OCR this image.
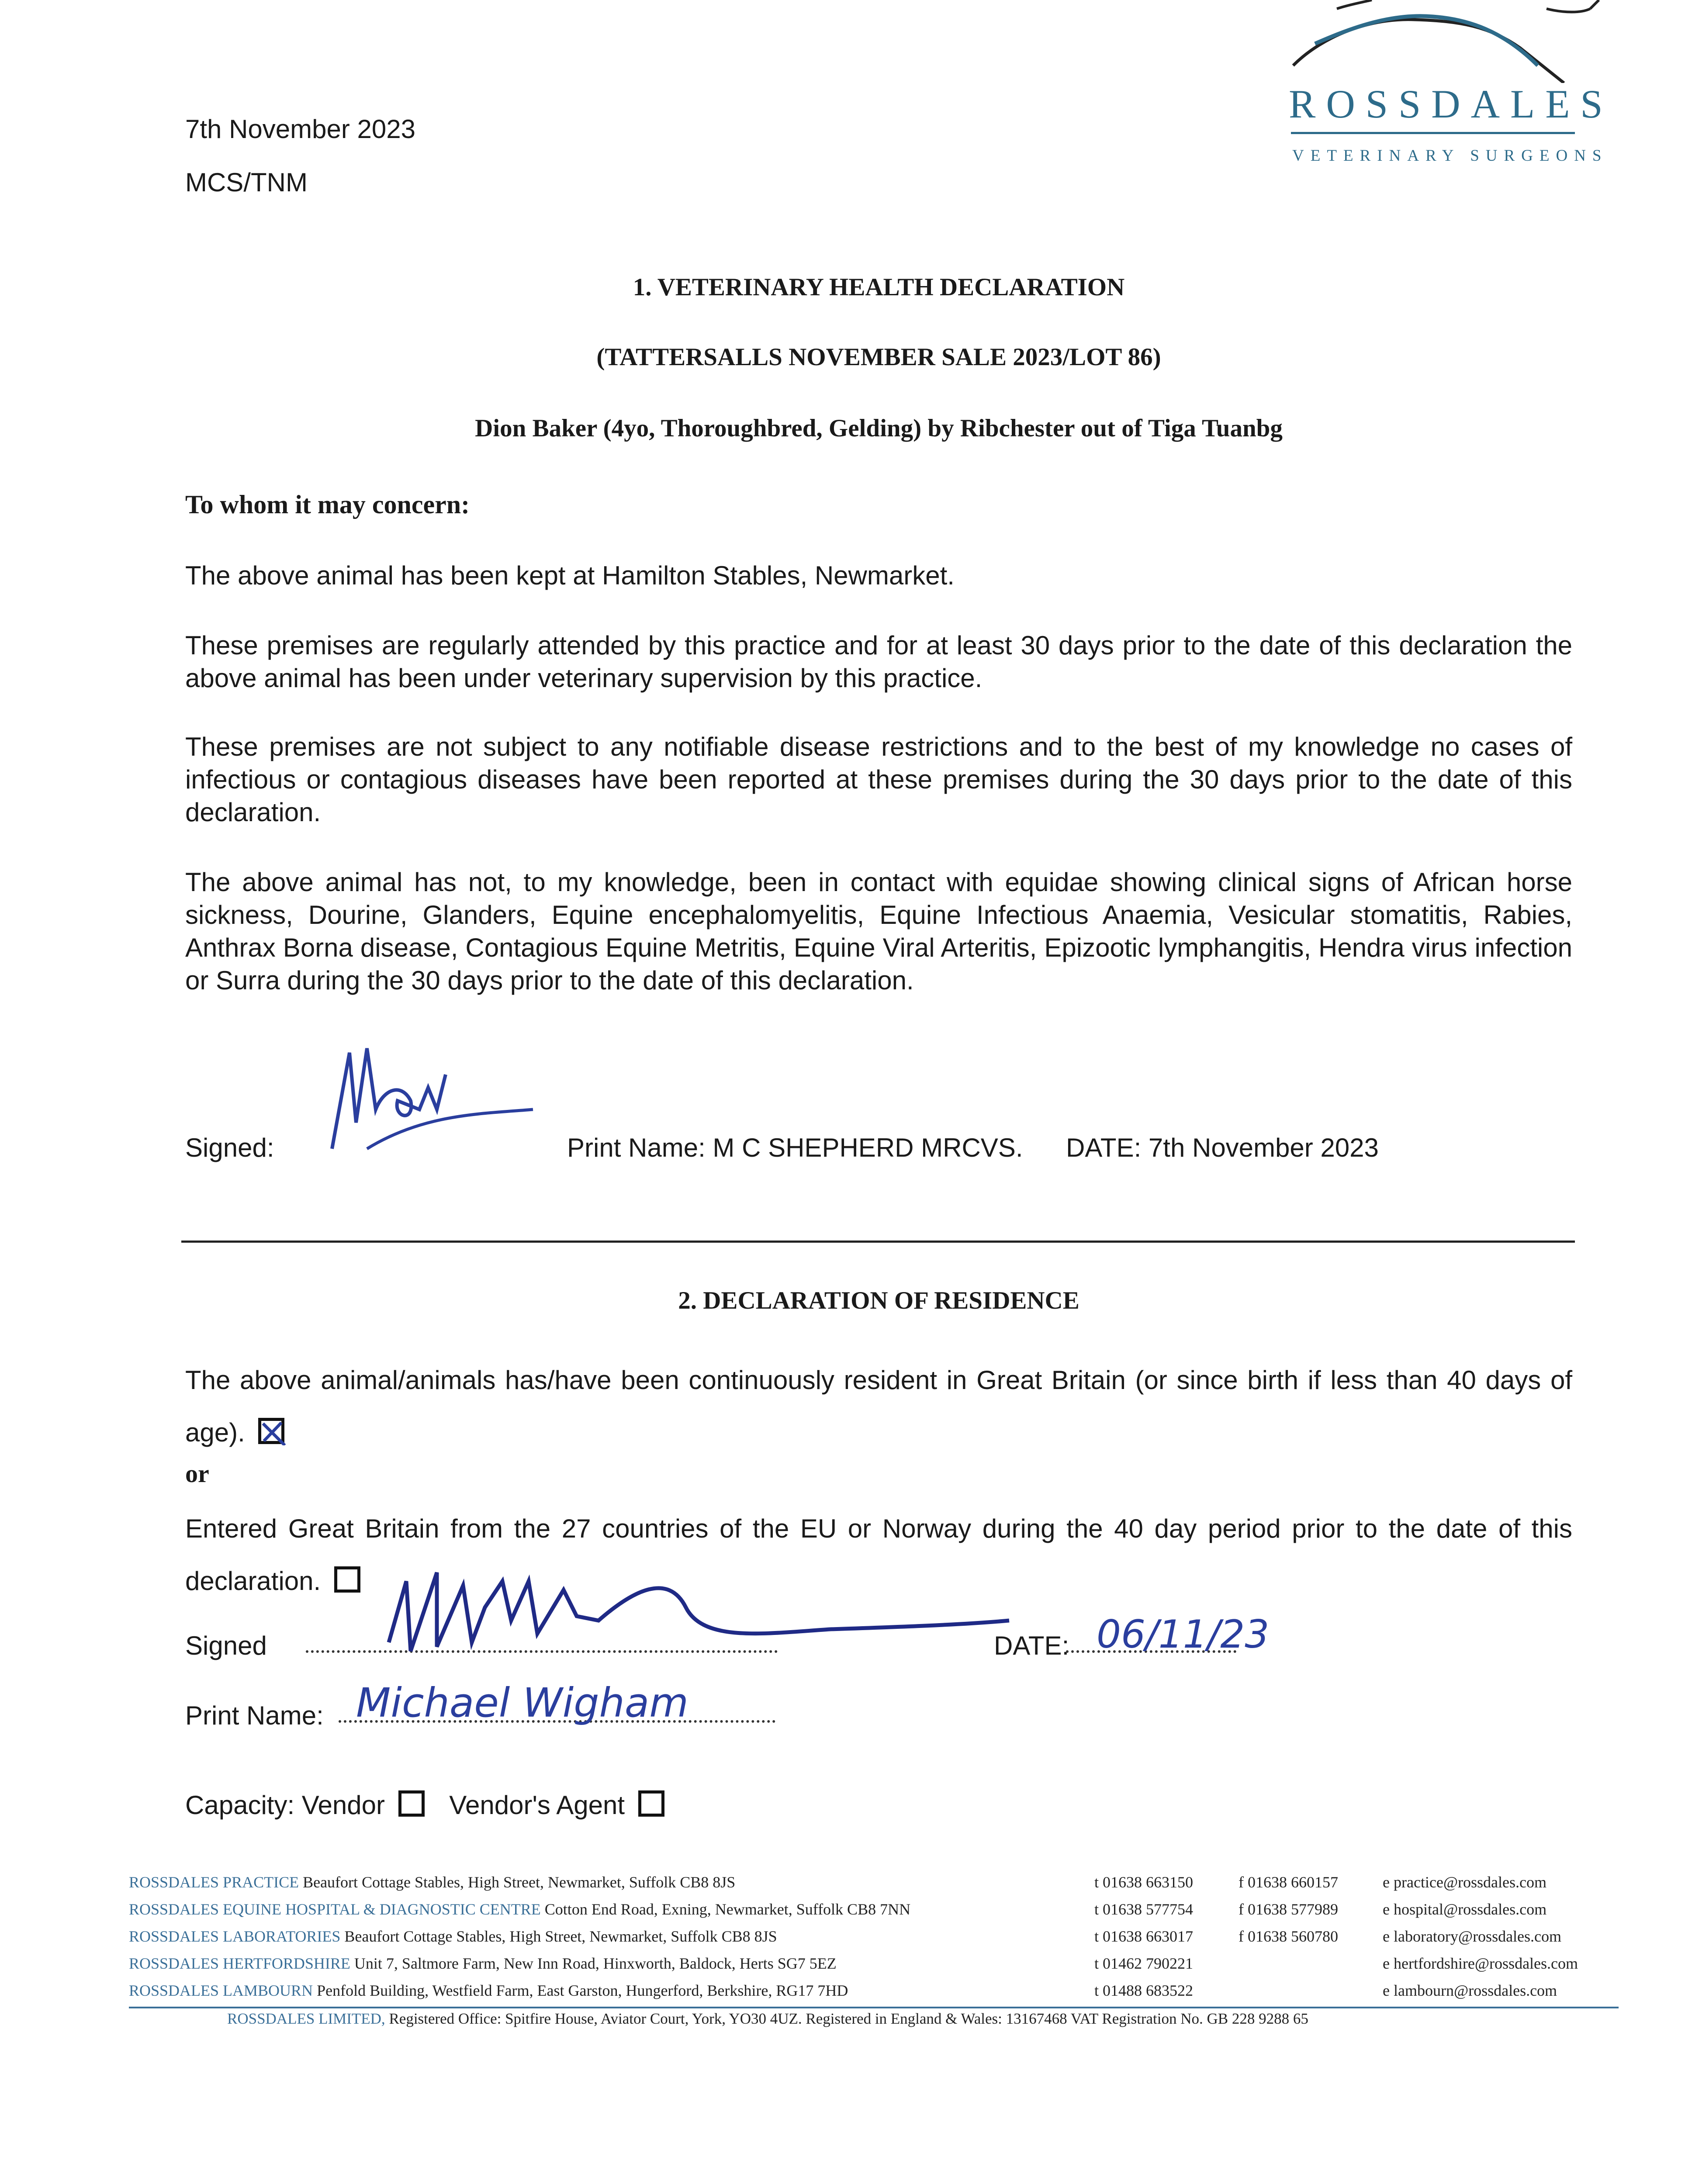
7th November 2023
MCS/TNM
ROSSDALES
VETERINARY SURGEONS
1. VETERINARY HEALTH DECLARATION
(TATTERSALLS NOVEMBER SALE 2023/LOT 86)
Dion Baker (4yo, Thoroughbred, Gelding) by Ribchester out of Tiga Tuanbg
To whom it may concern:
The above animal has been kept at Hamilton Stables, Newmarket.
These premises are regularly attended by this practice and for at least 30 days prior to the date of this declaration the above animal has been under veterinary supervision by this practice.
These premises are not subject to any notifiable disease restrictions and to the best of my knowledge no cases of infectious or contagious diseases have been reported at these premises during the 30 days prior to the date of this declaration.
The above animal has not, to my knowledge, been in contact with equidae showing clinical signs of African horse sickness, Dourine, Glanders, Equine encephalomyelitis, Equine Infectious Anaemia, Vesicular stomatitis, Rabies, Anthrax Borna disease, Contagious Equine Metritis, Equine Viral Arteritis, Epizootic lymphangitis, Hendra virus infection or Surra during the 30 days prior to the date of this declaration.
Signed:	Print Name: M C SHEPHERD MRCVS. DATE: 7th November 2023
2. DECLARATION OF RESIDENCE
The above animal/animals has/have been continuously resident in Great Britain (or since birth if less than 40 days of age).
or
Entered Great Britain from the 27 countries of the EU or Norway during the 40 day period prior to the date of this declaration.
Signed	DATE: 06/11/23
Print Name: Michael Wigham
Capacity: Vendor Vendor's Agent
ROSSDALES PRACTICE Beaufort Cottage Stables, High Street, Newmarket, Suffolk CB8 8JS	t 01638 663150	f 01638 660157	e practice@rossdales.com
ROSSDALES EQUINE HOSPITAL & DIAGNOSTIC CENTRE Cotton End Road, Exning, Newmarket, Suffolk CB8 7NN	t 01638 577754	f 01638 577989	e hospital@rossdales.com
ROSSDALES LABORATORIES Beaufort Cottage Stables, High Street, Newmarket, Suffolk CB8 8JS	t 01638 663017	f 01638 560780	e laboratory@rossdales.com
ROSSDALES HERTFORDSHIRE Unit 7, Saltmore Farm, New Inn Road, Hinxworth, Baldock, Herts SG7 5EZ	t 01462 790221	e hertfordshire@rossdales.com
ROSSDALES LAMBOURN Penfold Building, Westfield Farm, East Garston, Hungerford, Berkshire, RG17 7HD	t 01488 683522	e lambourn@rossdales.com
ROSSDALES LIMITED, Registered Office: Spitfire House, Aviator Court, York, YO30 4UZ. Registered in England & Wales: 13167468 VAT Registration No. GB 228 9288 65
